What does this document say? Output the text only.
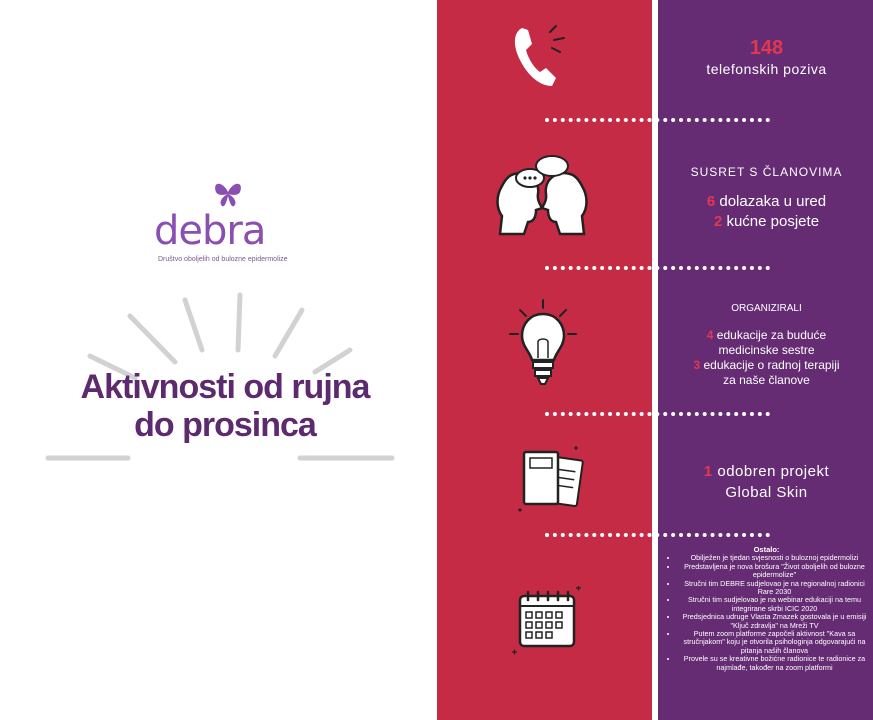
debra
Društvo oboljelih od bulozne epidermolize
Aktivnosti od rujna
do prosinca
148
telefonskih poziva
SUSRET S ČLANOVIMA
6 dolazaka u ured
2 kućne posjete
ORGANIZIRALI
4 edukacije za buduće
medicinske sestre
3 edukacije o radnoj terapiji
za naše članove
1 odobren projekt
Global Skin
Ostalo:
• Obilježen je tjedan svjesnosti o buloznoj epidermolizi
• Predstavljena je nova brošura "Život oboljelih od bulozne epidermolize"
• Stručni tim DEBRE sudjelovao je na regionalnoj radionici Rare 2030
• Stručni tim sudjelovao je na webinar edukaciji na temu integrirane skrbi ICIC 2020
• Predsjednica udruge Vlasta Zmazek gostovala je u emisiji "Ključ zdravlja" na Mreži TV
• Putem zoom platforme započeli aktivnost "Kava sa stručnjakom" koju je otvorila psihologinja odgovarajući na pitanja naših članova
• Provele su se kreativne božićne radionice te radionice za najmlađe, također na zoom platformi
